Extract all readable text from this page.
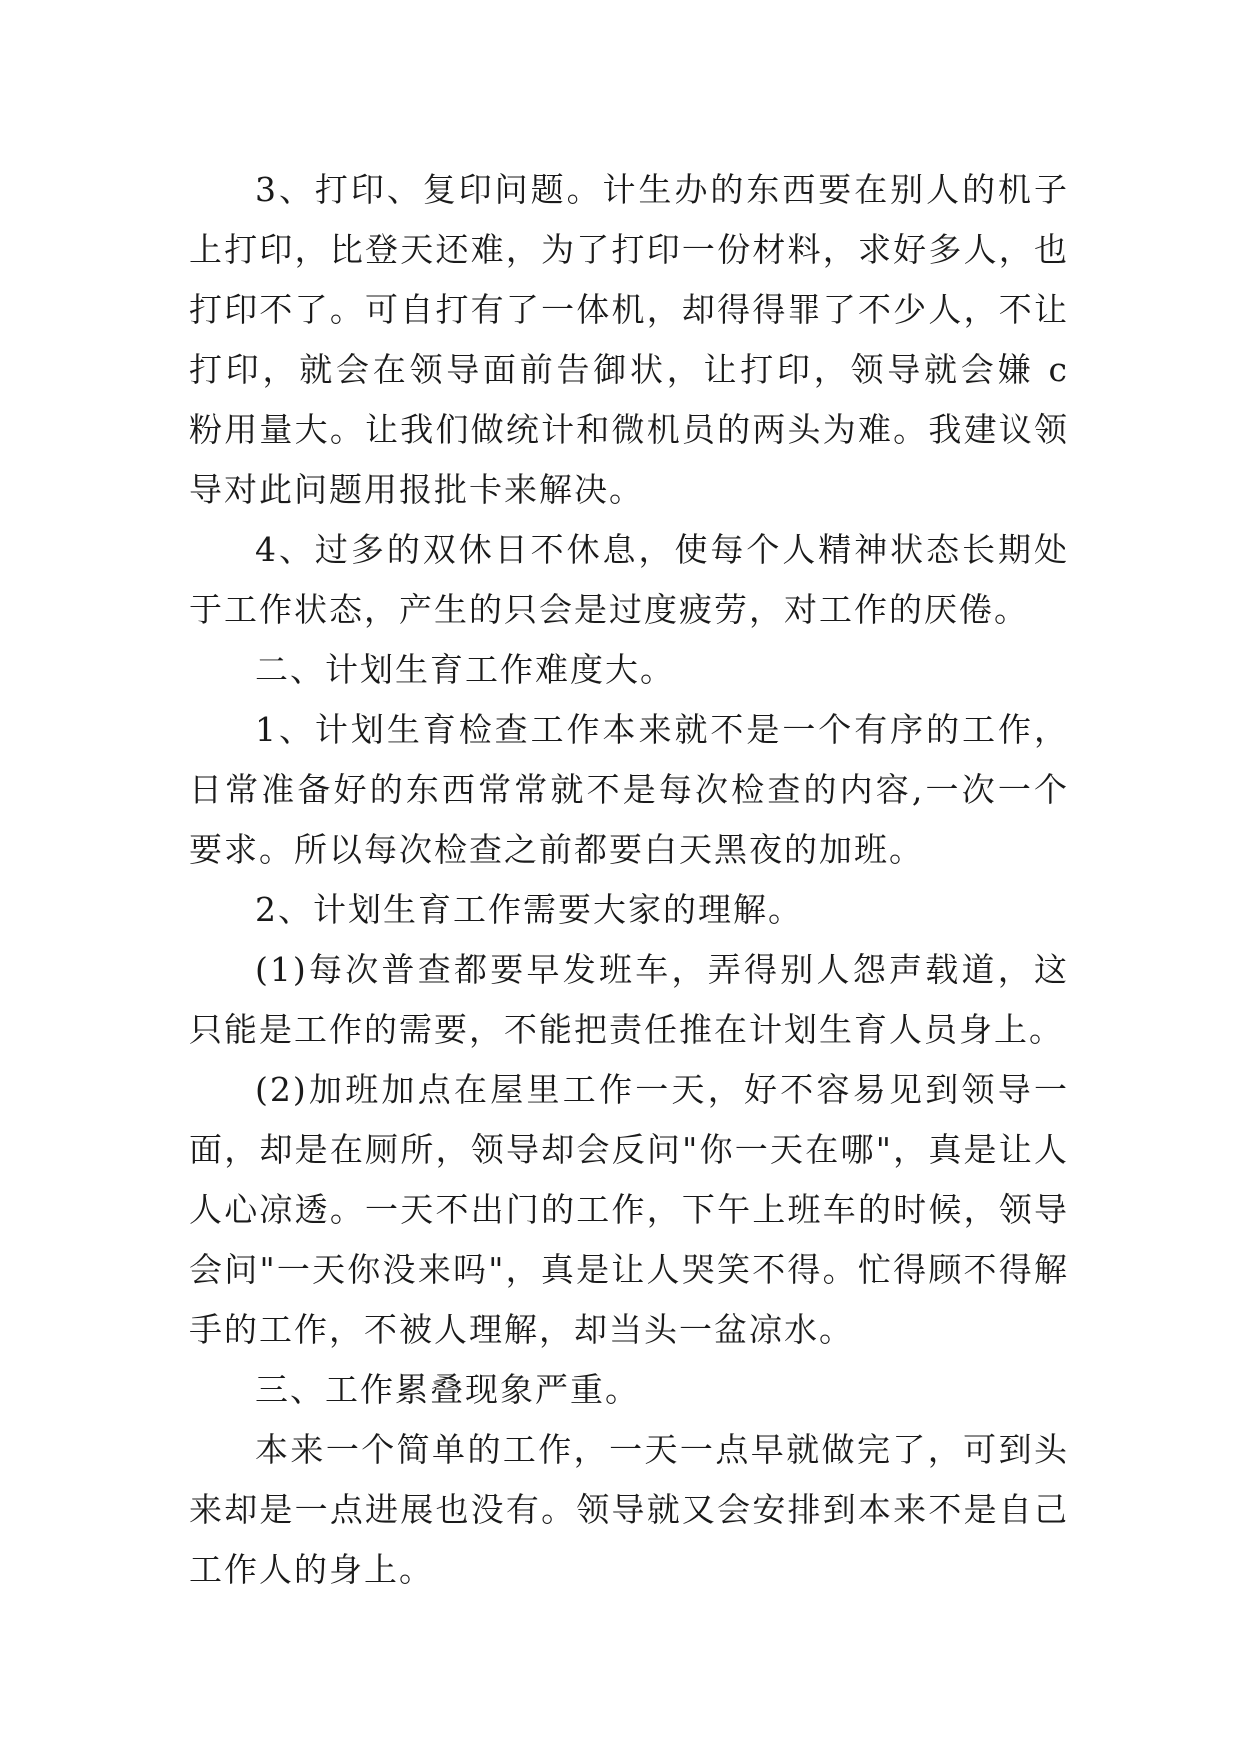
3、打印、复印问题。计生办的东西要在别人的机子上打印，比登天还难，为了打印一份材料，求好多人，也打印不了。可自打有了一体机，却得得罪了不少人，不让打印，就会在领导面前告御状，让打印，领导就会嫌 c 粉用量大。让我们做统计和微机员的两头为难。我建议领导对此问题用报批卡来解决。

4、过多的双休日不休息，使每个人精神状态长期处于工作状态，产生的只会是过度疲劳，对工作的厌倦。

二、计划生育工作难度大。

1、计划生育检查工作本来就不是一个有序的工作，日常准备好的东西常常就不是每次检查的内容,一次一个要求。所以每次检查之前都要白天黑夜的加班。

2、计划生育工作需要大家的理解。

(1)每次普查都要早发班车，弄得别人怨声载道，这只能是工作的需要，不能把责任推在计划生育人员身上。

(2)加班加点在屋里工作一天，好不容易见到领导一面，却是在厕所，领导却会反问"你一天在哪"，真是让人人心凉透。一天不出门的工作，下午上班车的时候，领导会问"一天你没来吗"，真是让人哭笑不得。忙得顾不得解手的工作，不被人理解，却当头一盆凉水。

三、工作累叠现象严重。

本来一个简单的工作，一天一点早就做完了，可到头来却是一点进展也没有。领导就又会安排到本来不是自己工作人的身上。
